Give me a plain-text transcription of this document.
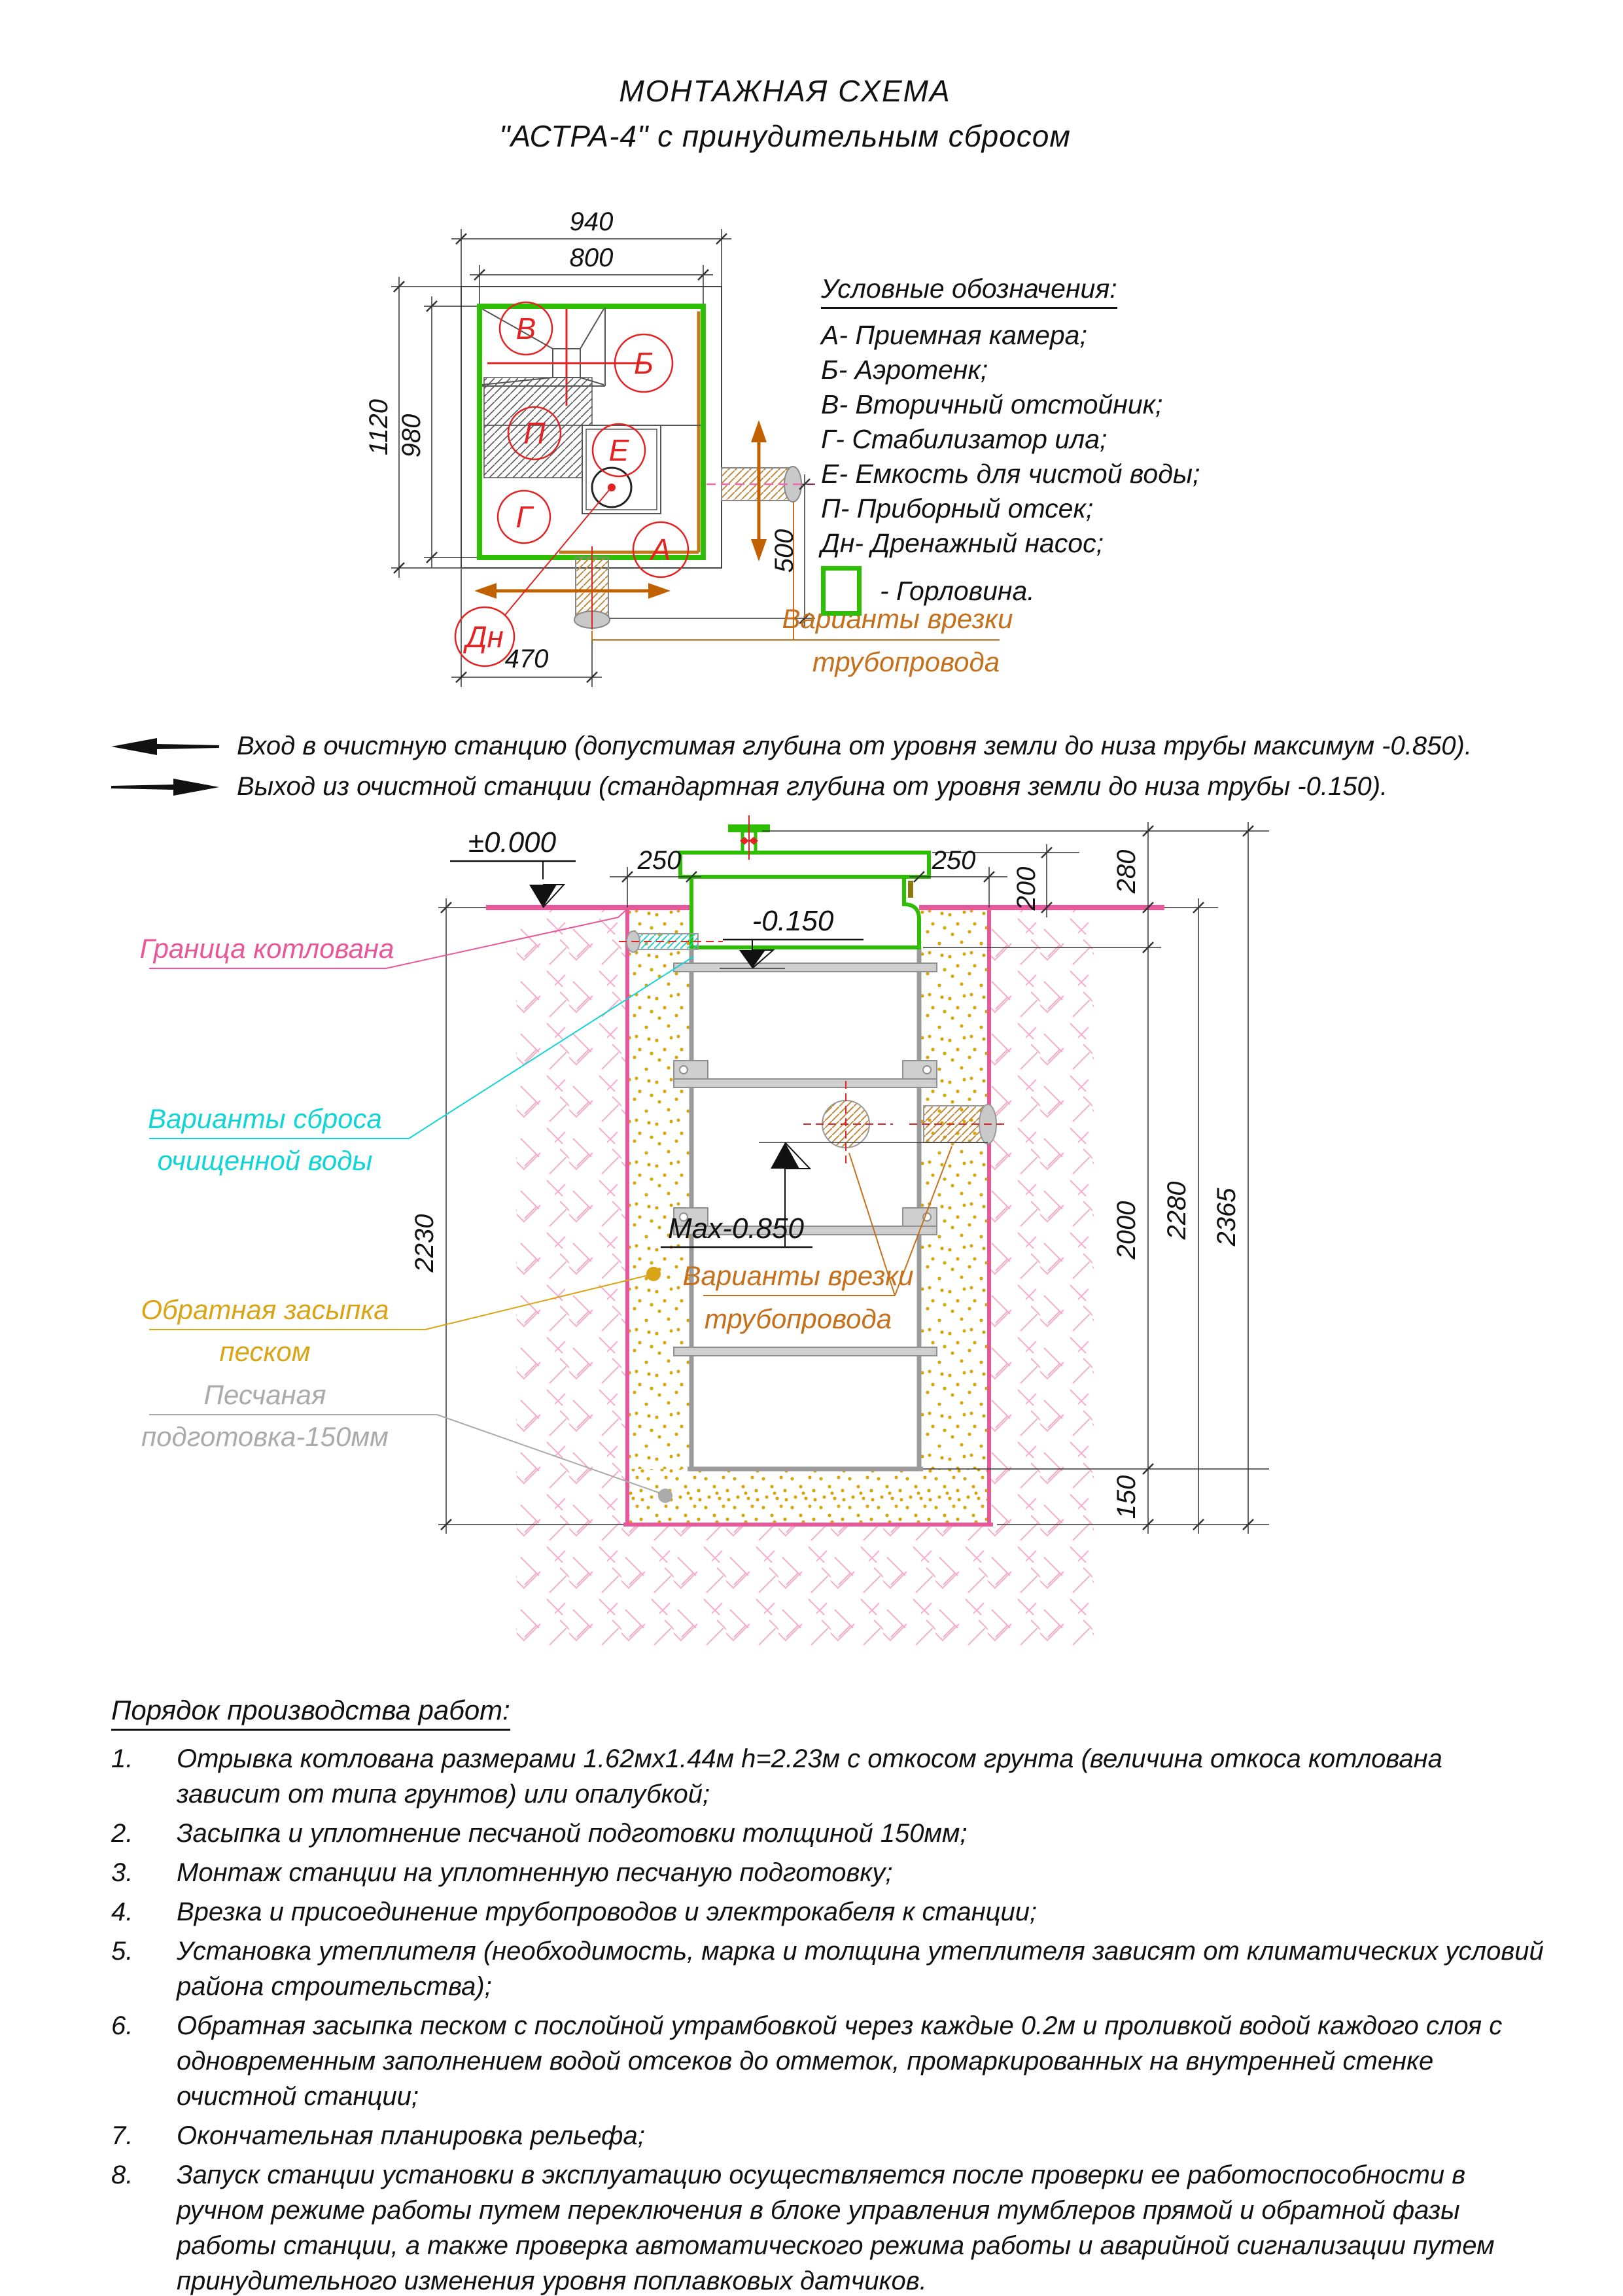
МОНТАЖНАЯ СХЕМА
"АСТРА-4" с принудительным сбросом
940
800
1120 980
470
500
В
Б
П Е
Г
А
Дн
Варианты врезки
трубопровода
Условные обозначения:
А- Приемная камера;
Б- Аэротенк;
В- Вторичный отстойник;
Г- Стабилизатор ила;
Е- Емкость для чистой воды;
П- Приборный отсек;
Дн- Дренажный насос;
- Горловина.
Вход в очистную станцию (допустимая глубина от уровня земли до низа трубы максимум -0.850).
Выход из очистной станции (стандартная глубина от уровня земли до низа трубы -0.150).
Max-0.850
-0.150
±0.000
250	250
200	280
2000
150
2280 2365
2230
Граница котлована
Варианты сброса
очищенной воды
Обратная засыпка
песком
Песчаная
подготовка-150мм
Варианты врезки
трубопровода
Порядок производства работ:
1.	Отрывка котлована размерами 1.62мх1.44м h=2.23м с откосом грунта (величина откоса котлована зависит от типа грунтов) или опалубкой;
2.	Засыпка и уплотнение песчаной подготовки толщиной 150мм;
3.	Монтаж станции на уплотненную песчаную подготовку;
4.	Врезка и присоединение трубопроводов и электрокабеля к станции;
5.	Установка утеплителя (необходимость, марка и толщина утеплителя зависят от климатических условий района строительства);
6.	Обратная засыпка песком с послойной утрамбовкой через каждые 0.2м и проливкой водой каждого слоя с одновременным заполнением водой отсеков до отметок, промаркированных на внутренней стенке очистной станции;
7.	Окончательная планировка рельефа;
8.	Запуск станции установки в эксплуатацию осуществляется после проверки ее работоспособности в ручном режиме работы путем переключения в блоке управления тумблеров прямой и обратной фазы работы станции, а также проверка автоматического режима работы и аварийной сигнализации путем принудительного изменения уровня поплавковых датчиков.
